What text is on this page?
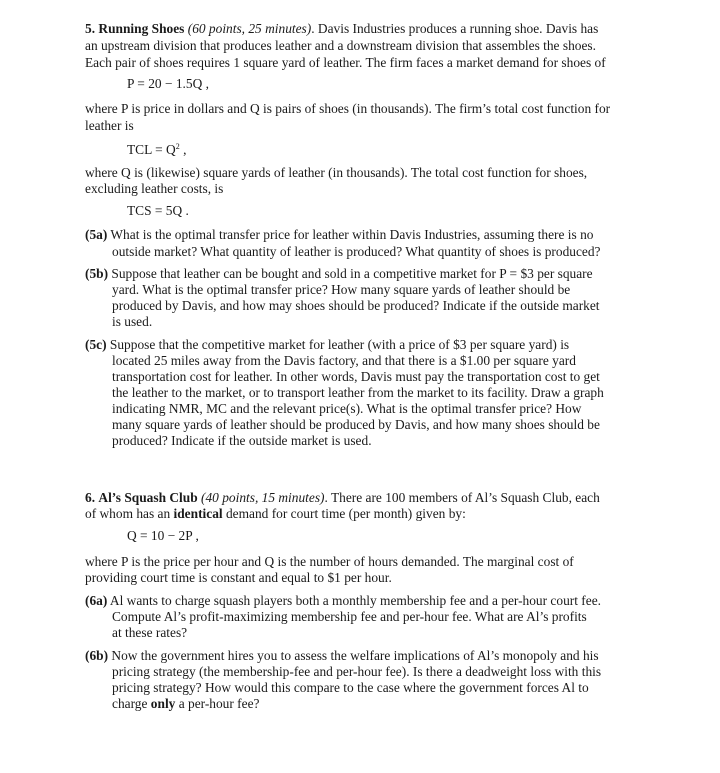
5. Running Shoes (60 points, 25 minutes). Davis Industries produces a running shoe. Davis has
an upstream division that produces leather and a downstream division that assembles the shoes.
Each pair of shoes requires 1 square yard of leather. The firm faces a market demand for shoes of
P = 20 − 1.5Q ,
where P is price in dollars and Q is pairs of shoes (in thousands). The firm’s total cost function for
leather is
TCL = $Q^2$ ,
where Q is (likewise) square yards of leather (in thousands). The total cost function for shoes,
excluding leather costs, is
TCS = 5Q .
(5a) What is the optimal transfer price for leather within Davis Industries, assuming there is no
outside market? What quantity of leather is produced? What quantity of shoes is produced?
(5b) Suppose that leather can be bought and sold in a competitive market for P = $3 per square
yard. What is the optimal transfer price? How many square yards of leather should be
produced by Davis, and how may shoes should be produced? Indicate if the outside market
is used.
(5c) Suppose that the competitive market for leather (with a price of $3 per square yard) is
located 25 miles away from the Davis factory, and that there is a $1.00 per square yard
transportation cost for leather. In other words, Davis must pay the transportation cost to get
the leather to the market, or to transport leather from the market to its facility. Draw a graph
indicating NMR, MC and the relevant price(s). What is the optimal transfer price? How
many square yards of leather should be produced by Davis, and how many shoes should be
produced? Indicate if the outside market is used.
6. Al’s Squash Club (40 points, 15 minutes). There are 100 members of Al’s Squash Club, each
of whom has an identical demand for court time (per month) given by:
Q = 10 − 2P ,
where P is the price per hour and Q is the number of hours demanded. The marginal cost of
providing court time is constant and equal to $1 per hour.
(6a) Al wants to charge squash players both a monthly membership fee and a per-hour court fee.
Compute Al’s profit-maximizing membership fee and per-hour fee. What are Al’s profits
at these rates?
(6b) Now the government hires you to assess the welfare implications of Al’s monopoly and his
pricing strategy (the membership-fee and per-hour fee). Is there a deadweight loss with this
pricing strategy? How would this compare to the case where the government forces Al to
charge only a per-hour fee?
